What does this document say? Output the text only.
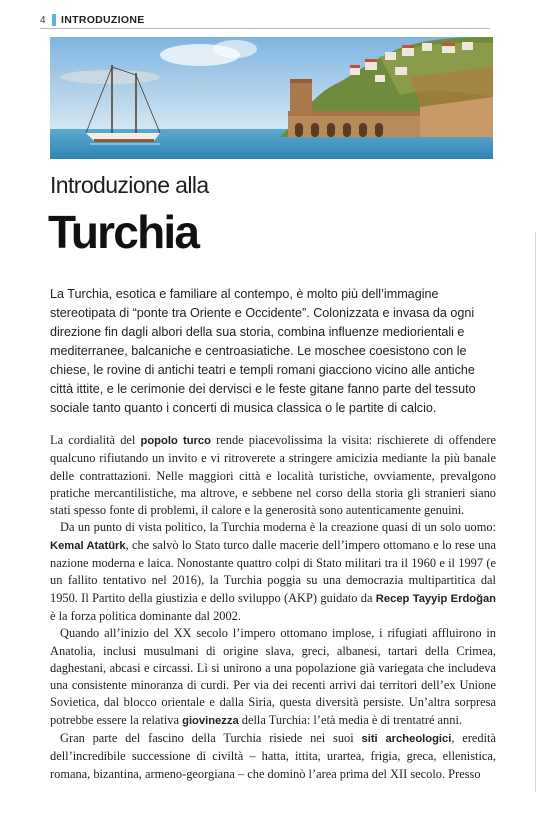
4	INTRODUZIONE
Introduzione alla
Turchia

La Turchia, esotica e familiare al contempo, è molto più dell’immagine stereotipata di “ponte tra Oriente e Occidente”. Colonizzata e invasa da ogni direzione fin dagli albori della sua storia, combina influenze mediorientali e mediterranee, balcaniche e centroasiatiche. Le moschee coesistono con le chiese, le rovine di antichi teatri e templi romani giacciono vicino alle antiche città ittite, e le cerimonie dei dervisci e le feste gitane fanno parte del tessuto sociale tanto quanto i concerti di musica classica o le partite di calcio.

La cordialità del popolo turco rende piacevolissima la visita: rischierete di offendere qualcuno rifiutando un invito e vi ritroverete a stringere amicizia mediante la più banale delle contrattazioni. Nelle maggiori città e località turistiche, ovviamente, prevalgono pratiche mercantilistiche, ma altrove, e sebbene nel corso della storia gli stranieri siano stati spesso fonte di problemi, il calore e la generosità sono autenticamente genuini.

Da un punto di vista politico, la Turchia moderna è la creazione quasi di un solo uomo: Kemal Atatürk, che salvò lo Stato turco dalle macerie dell’impero ottomano e lo rese una nazione moderna e laica. Nonostante quattro colpi di Stato militari tra il 1960 e il 1997 (e un fallito tentativo nel 2016), la Turchia poggia su una democrazia multipartitica dal 1950. Il Partito della giustizia e dello sviluppo (AKP) guidato da Recep Tayyip Erdoğan è la forza politica dominante dal 2002.

Quando all’inizio del XX secolo l’impero ottomano implose, i rifugiati affluirono in Anatolia, inclusi musulmani di origine slava, greci, albanesi, tartari della Crimea, daghestani, abcasi e circassi. Lì si unirono a una popolazione già variegata che includeva una consistente minoranza di curdi. Per via dei recenti arrivi dai territori dell’ex Unione Sovietica, dal blocco orientale e dalla Siria, questa diversità persiste. Un’altra sorpresa potrebbe essere la relativa giovinezza della Turchia: l’età media è di trentatré anni.

Gran parte del fascino della Turchia risiede nei suoi siti archeologici, eredità dell’incredibile successione di civiltà – hatta, ittita, urartea, frigia, greca, ellenistica, romana, bizantina, armeno-georgiana – che dominò l’area prima del XII secolo. Presso
